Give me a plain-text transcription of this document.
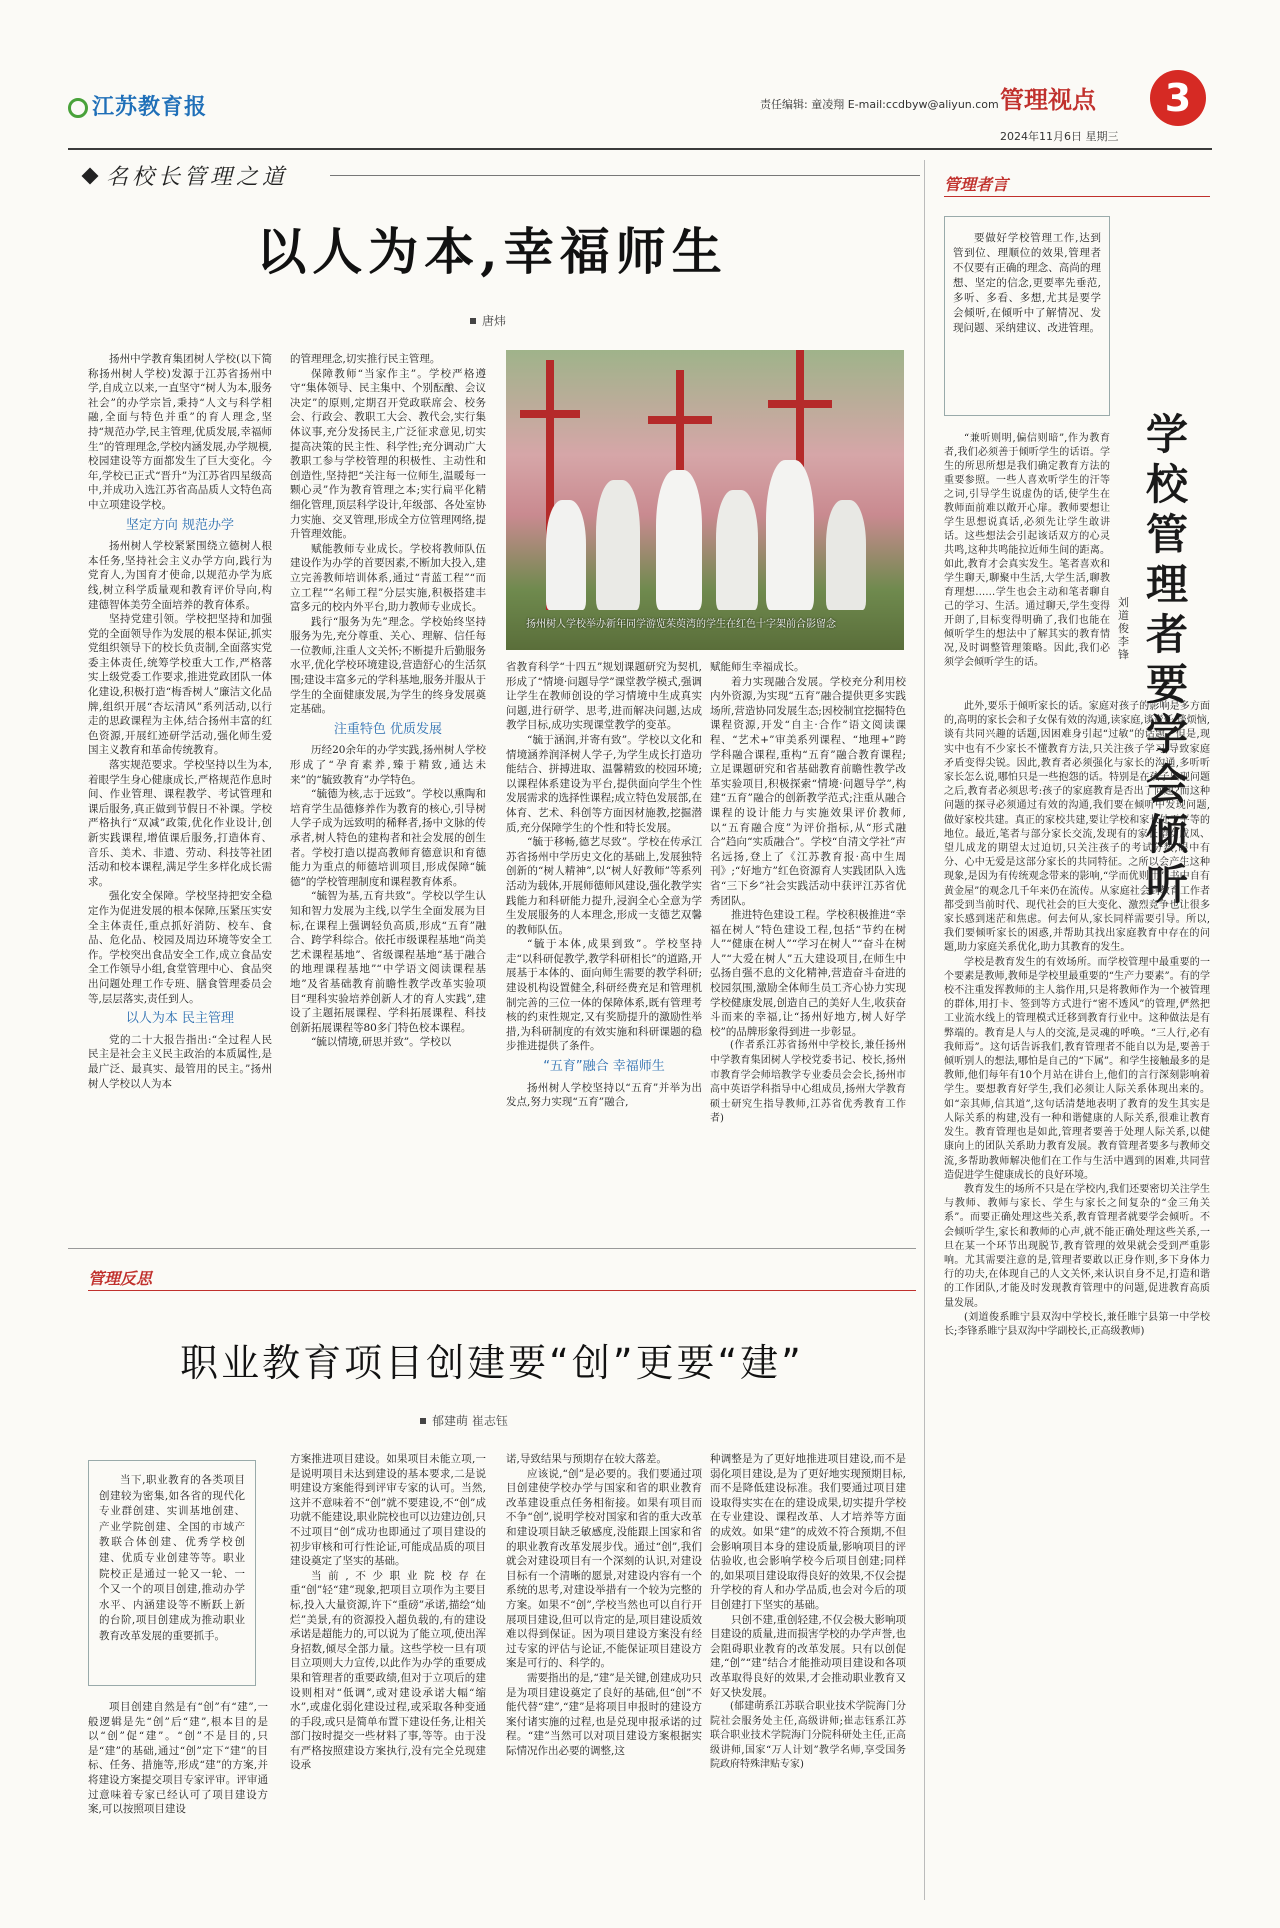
江苏教育报	责任编辑: 童凌翔 E-mail:ccdbyw@aliyun.com 管理视点
2024年11月6日 星期三
3
名校长管理之道
以人为本,幸福师生
唐炜

扬州中学教育集团树人学校(以下简称扬州树人学校)发源于江苏省扬州中学,自成立以来,一直坚守“树人为本,服务社会”的办学宗旨,秉持“人文与科学相融,全面与特色并重”的育人理念,坚持“规范办学,民主管理,优质发展,幸福师生”的管理理念,学校内涵发展,办学规模,校园建设等方面都发生了巨大变化。今年,学校已正式“晋升”为江苏省四星级高中,并成功入选江苏省高品质人文特色高中立项建设学校。

坚定方向 规范办学

扬州树人学校紧紧围绕立德树人根本任务,坚持社会主义办学方向,践行为党育人,为国育才使命,以规范办学为底线,树立科学质量观和教育评价导向,构建德智体美劳全面培养的教育体系。

坚持党建引领。学校把坚持和加强党的全面领导作为发展的根本保证,抓实党组织领导下的校长负责制,全面落实党委主体责任,统筹学校重大工作,严格落实上级党委工作要求,推进党政团队一体化建设,积极打造“梅香树人”廉洁文化品牌,组织开展“杏坛清风”系列活动,以行走的思政课程为主体,结合扬州丰富的红色资源,开展红迹研学活动,强化师生爱国主义教育和革命传统教育。

落实规范要求。学校坚持以生为本,着眼学生身心健康成长,严格规范作息时间、作业管理、课程教学、考试管理和课后服务,真正做到节假日不补课。学校严格执行“双减”政策,优化作业设计,创新实践课程,增值课后服务,打造体育、音乐、美术、非遗、劳动、科技等社团活动和校本课程,满足学生多样化成长需求。

强化安全保障。学校坚持把安全稳定作为促进发展的根本保障,压紧压实安全主体责任,重点抓好消防、校车、食品、危化品、校园及周边环境等安全工作。学校突出食品安全工作,成立食品安全工作领导小组,食堂管理中心、食品突出问题处理工作专班、膳食管理委员会等,层层落实,责任到人。

以人为本 民主管理

党的二十大报告指出:“全过程人民民主是社会主义民主政治的本质属性,是最广泛、最真实、最管用的民主。”扬州树人学校以人为本

的管理理念,切实推行民主管理。

保障教师“当家作主”。学校严格遵守“集体领导、民主集中、个别酝酿、会议决定”的原则,定期召开党政联席会、校务会、行政会、教职工大会、教代会,实行集体议事,充分发扬民主,广泛征求意见,切实提高决策的民主性、科学性;充分调动广大教职工参与学校管理的积极性、主动性和创造性,坚持把“关注每一位师生,温暖每一颗心灵”作为教育管理之本;实行扁平化精细化管理,顶层科学设计,年级部、各处室协力实施、交叉管理,形成全方位管理网络,提升管理效能。

赋能教师专业成长。学校将教师队伍建设作为办学的首要因素,不断加大投入,建立完善教师培训体系,通过“青蓝工程”“而立工程”“名师工程”分层实施,积极搭建丰富多元的校内外平台,助力教师专业成长。

践行“服务为先”理念。学校始终坚持服务为先,充分尊重、关心、理解、信任每一位教师,注重人文关怀;不断提升后勤服务水平,优化学校环境建设,营造舒心的生活氛围;建设丰富多元的学科基地,服务并服从于学生的全面健康发展,为学生的终身发展奠定基础。

注重特色 优质发展

历经20余年的办学实践,扬州树人学校形成了“孕育素养,臻于精致,通达未来”的“毓致教育”办学特色。

“毓德为核,志于远致”。学校以熏陶和培育学生品德修养作为教育的核心,引导树人学子成为远致明的稀释者,扬中文脉的传承者,树人特色的建构者和社会发展的创生者。学校打造以提高教师育德意识和育德能力为重点的师德培训项目,形成保障“毓德”的学校管理制度和课程教育体系。

“毓智为基,五育共致”。学校以学生认知和智力发展为主线,以学生全面发展为目标,在课程上强调轻负高质,形成“五育”融合、跨学科综合。依托市级课程基地“尚美艺术课程基地”、省级课程基地“基于融合的地理课程基地”“中学语文阅读课程基地”及省基础教育前瞻性教学改革实验项目“理科实验培养创新人才的育人实践”,建设了主题拓展课程、学科拓展课程、科技创新拓展课程等80多门特色校本课程。

“毓以情境,研思并致”。学校以

扬州树人学校举办新年同学游览茱萸湾的学生在红色十字架前合影留念

省教育科学“十四五”规划课题研究为契机,形成了“情境·问题导学”课堂教学模式,强调让学生在教师创设的学习情境中生成真实问题,进行研学、思考,进而解决问题,达成教学目标,成功实现课堂教学的变革。

“毓于涵润,并寄有致”。学校以文化和情境涵养润泽树人学子,为学生成长打造功能结合、拼搏进取、温馨精致的校园环境;以课程体系建设为平台,提供面向学生个性发展需求的选择性课程;成立特色发展部,在体育、艺术、科创等方面因材施教,挖掘潜质,充分保障学生的个性和特长发展。

“毓于移畅,德艺尽致”。学校在传承江苏省扬州中学历史文化的基础上,发展独特创新的“树人精神”,以“树人好教师”等系列活动为载体,开展师德师风建设,强化教学实践能力和科研能力提升,浸润全心全意为学生发展服务的人本理念,形成一支德艺双馨的教师队伍。

“毓于本体,成果到致”。学校坚持走“以科研促教学,教学科研相长”的道路,开展基于本体的、面向师生需要的教学科研;建设机构设置健全,科研经费充足和管理机制完善的三位一体的保障体系,既有管理考核的约束性规定,又有奖励提升的激励性举措,为科研制度的有效实施和科研课题的稳步推进提供了条件。

“五育”融合 幸福师生

扬州树人学校坚持以“五育”并举为出发点,努力实现“五育”融合,

赋能师生幸福成长。

着力实现融合发展。学校充分利用校内外资源,为实现“五育”融合提供更多实践场所,营造协同发展生态;因校制宜挖掘特色课程资源,开发“自主·合作”语文阅读课程、“艺术+”审美系列课程、“地理+”跨学科融合课程,重构“五育”融合教育课程;立足课题研究和省基础教育前瞻性教学改革实验项目,积极探索“情境·问题导学”,构建“五育”融合的创新教学范式;注重从融合课程的设计能力与实施效果评价教师,以“五育融合度”为评价指标,从“形式融合”趋向“实质融合”。学校“自清文学社”声名远扬,登上了《江苏教育报·高中生周刊》;“好地方”红色资源育人实践团队入选省“三下乡”社会实践活动中获评江苏省优秀团队。

推进特色建设工程。学校积极推进“幸福在树人”特色建设工程,包括“节约在树人”“健康在树人”“学习在树人”“奋斗在树人”“大爱在树人”五大建设项目,在师生中弘扬自强不息的文化精神,营造奋斗奋进的校园氛围,激励全体师生员工齐心协力实现学校健康发展,创造自己的美好人生,收获奋斗而来的幸福,让“扬州好地方,树人好学校”的品牌形象得到进一步彰显。

(作者系江苏省扬州中学校长,兼任扬州中学教育集团树人学校党委书记、校长,扬州市教育学会师培教学专业委员会会长,扬州市高中英语学科指导中心组成员,扬州大学教育硕士研究生指导教师,江苏省优秀教育工作者)

管理者言
要做好学校管理工作,达到管到位、理顺位的效果,管理者不仅要有正确的理念、高尚的理想、坚定的信念,更要率先垂范,多听、多看、多想,尤其是要学会倾听,在倾听中了解情况、发现问题、采纳建议、改进管理。
学校管理者要学会倾听
刘道俊 李锋

“兼听则明,偏信则暗”,作为教育者,我们必须善于倾听学生的话语。学生的所思所想是我们确定教育方法的重要参照。一些人喜欢听学生的汗等之词,引导学生说虚伪的话,使学生在教师面前难以敞开心扉。教师要想让学生思想说真话,必须先让学生敢讲话。这些想法会引起该话双方的心灵共鸣,这种共鸣能拉近师生间的距离。如此,教育才会真实发生。笔者喜欢和学生聊天,聊聚中生活,大学生活,聊教育理想……学生也会主动和笔者聊自己的学习、生活。通过聊天,学生变得开朗了,目标变得明确了,我们也能在倾听学生的想法中了解其实的教育情况,及时调整管理策略。因此,我们必须学会倾听学生的话。

此外,要乐于倾听家长的话。家庭对孩子的影响是多方面的,高明的家长会和子女保有效的沟通,读家庭,谈责任,谈烦恼,谈有共同兴趣的话题,因困难身引起“过敏”的话题。但是,现实中也有不少家长不懂教育方法,只关注孩子学习,导致家庭矛盾变得尖锐。因此,教育者必须强化与家长的沟通,多听听家长怎么说,哪怕只是一些抱怨的话。特别是在孩子出现问题之后,教育者必须思考:孩子的家庭教育是否出了问题?而这种问题的探寻必须通过有效的沟通,我们要在倾听中发现问题,做好家校共建。真正的家校共建,要让学校和家长处于平等的地位。最近,笔者与部分家长交流,发现有的家长望女成凤、望儿成龙的期望太过迫切,只关注孩子的考试分数,眼中有分、心中无爱是这部分家长的共同特征。之所以会产生这种现象,是因为有传统观念带来的影响,“学而优则仕”“书中自有黄金屋”的观念几千年来仍在流传。从家庭社会到教育工作者都受到当前时代、现代社会的巨大变化、激烈竞争也让很多家长感到迷茫和焦虑。何去何从,家长同样需要引导。所以,我们要倾听家长的困惑,并帮助其找出家庭教育中存在的问题,助力家庭关系优化,助力其教育的发生。

学校是教育发生的有效场所。而学校管理中最重要的一个要素是教师,教师是学校里最重要的“生产力要素”。有的学校不注重发挥教师的主人翁作用,只是将教师作为一个被管理的群体,用打卡、签到等方式进行“密不透风”的管理,俨然把工业流水线上的管理模式迁移到教育行业中。这种做法是有弊端的。教育是人与人的交流,是灵魂的呼唤。“三人行,必有我师焉”。这句话告诉我们,教育管理者不能自以为是,要善于倾听别人的想法,哪怕是自己的“下属”。和学生接触最多的是教师,他们每年有10个月站在讲台上,他们的言行深刻影响着学生。要想教育好学生,我们必须让人际关系体现出来的。如“亲其师,信其道”,这句话清楚地表明了教育的发生其实是人际关系的构建,没有一种和谐健康的人际关系,很难让教育发生。教育管理也是如此,管理者要善于处理人际关系,以健康向上的团队关系助力教育发展。教育管理者要多与教师交流,多帮助教师解决他们在工作与生活中遇到的困难,共同营造促进学生健康成长的良好环境。

教育发生的场所不只是在学校内,我们还要密切关注学生与教师、教师与家长、学生与家长之间复杂的“金三角关系”。而要正确处理这些关系,教育管理者就要学会倾听。不会倾听学生,家长和教师的心声,就不能正确处理这些关系,一旦在某一个环节出现脱节,教育管理的效果就会受到严重影响。尤其需要注意的是,管理者要敢以正身作则,多下身体力行的功夫,在体现自己的人文关怀,来认识自身不足,打造和谐的工作团队,才能及时发现教育管理中的问题,促进教育高质量发展。

(刘道俊系睢宁县双沟中学校长,兼任睢宁县第一中学校长;李锋系睢宁县双沟中学副校长,正高级教师)

管理反思
职业教育项目创建要“创”更要“建”
郁建萌 崔志钰
当下,职业教育的各类项目创建较为密集,如各省的现代化专业群创建、实训基地创建、产业学院创建、全国的市域产教联合体创建、优秀学校创建、优质专业创建等等。职业院校正是通过一轮又一轮、一个又一个的项目创建,推动办学水平、内涵建设等不断跃上新的台阶,项目创建成为推动职业教育改革发展的重要抓手。

项目创建自然是有“创”有“建”,一般逻辑是先“创”后“建”,根本目的是以“创”促“建”。“创”不是目的,只是“建”的基础,通过“创”定下“建”的目标、任务、措施等,形成“建”的方案,并将建设方案提交项目专家评审。评审通过意味着专家已经认可了项目建设方案,可以按照项目建设

方案推进项目建设。如果项目未能立项,一是说明项目未达到建设的基本要求,二是说明建设方案能得到评审专家的认可。当然,这并不意味着不“创”就不要建设,不“创”成功就不能建设,职业院校也可以边建边创,只不过项目“创”成功也即通过了项目建设的初步审核和可行性论证,可能成品质的项目建设奠定了坚实的基础。

当前,不少职业院校存在重“创”轻“建”现象,把项目立项作为主要目标,投入大量资源,许下“重磅”承诺,描绘“灿烂”美景,有的资源投入超负载的,有的建设承诺是超能力的,可以说为了能立项,使出浑身招数,倾尽全部力量。这些学校一旦有项目立项则大力宣传,以此作为办学的重要成果和管理者的重要政绩,但对于立项后的建设则相对“低调”,或对建设承诺大幅“缩水”,或虚化弱化建设过程,或采取各种变通的手段,或只是简单布置下建设任务,让相关部门按时提交一些材料了事,等等。由于没有严格按照建设方案执行,没有完全兑现建设承

诺,导致结果与预期存在较大落差。

应该说,“创”是必要的。我们要通过项目创建使学校办学与国家和省的职业教育改革建设重点任务相衔接。如果有项目而不争“创”,说明学校对国家和省的重大改革和建设项目缺乏敏感度,没能跟上国家和省的职业教育改革发展步伐。通过“创”,我们就会对建设项目有一个深刻的认识,对建设目标有一个清晰的愿景,对建设内容有一个系统的思考,对建设举措有一个较为完整的方案。如果不“创”,学校当然也可以自行开展项目建设,但可以肯定的是,项目建设质效难以得到保证。因为项目建设方案没有经过专家的评估与论证,不能保证项目建设方案是可行的、科学的。

需要指出的是,“建”是关键,创建成功只是为项目建设奠定了良好的基础,但“创”不能代替“建”,“建”是将项目申报时的建设方案付诸实施的过程,也是兑现申报承诺的过程。“建”当然可以对项目建设方案根据实际情况作出必要的调整,这

种调整是为了更好地推进项目建设,而不是弱化项目建设,是为了更好地实现预期目标,而不是降低建设标准。我们要通过项目建设取得实实在在的建设成果,切实提升学校在专业建设、课程改革、人才培养等方面的成效。如果“建”的成效不符合预期,不但会影响项目本身的建设质量,影响项目的评估验收,也会影响学校今后项目创建;同样的,如果项目建设取得良好的效果,不仅会提升学校的育人和办学品质,也会对今后的项目创建打下坚实的基础。

只创不建,重创轻建,不仅会极大影响项目建设的质量,进而损害学校的办学声誉,也会阻碍职业教育的改革发展。只有以创促建,“创”“建”结合才能推动项目建设和各项改革取得良好的效果,才会推动职业教育又好又快发展。

(郁建萌系江苏联合职业技术学院海门分院社会服务处主任,高级讲师;崔志钰系江苏联合职业技术学院海门分院科研处主任,正高级讲师,国家“万人计划”教学名师,享受国务院政府特殊津贴专家)
